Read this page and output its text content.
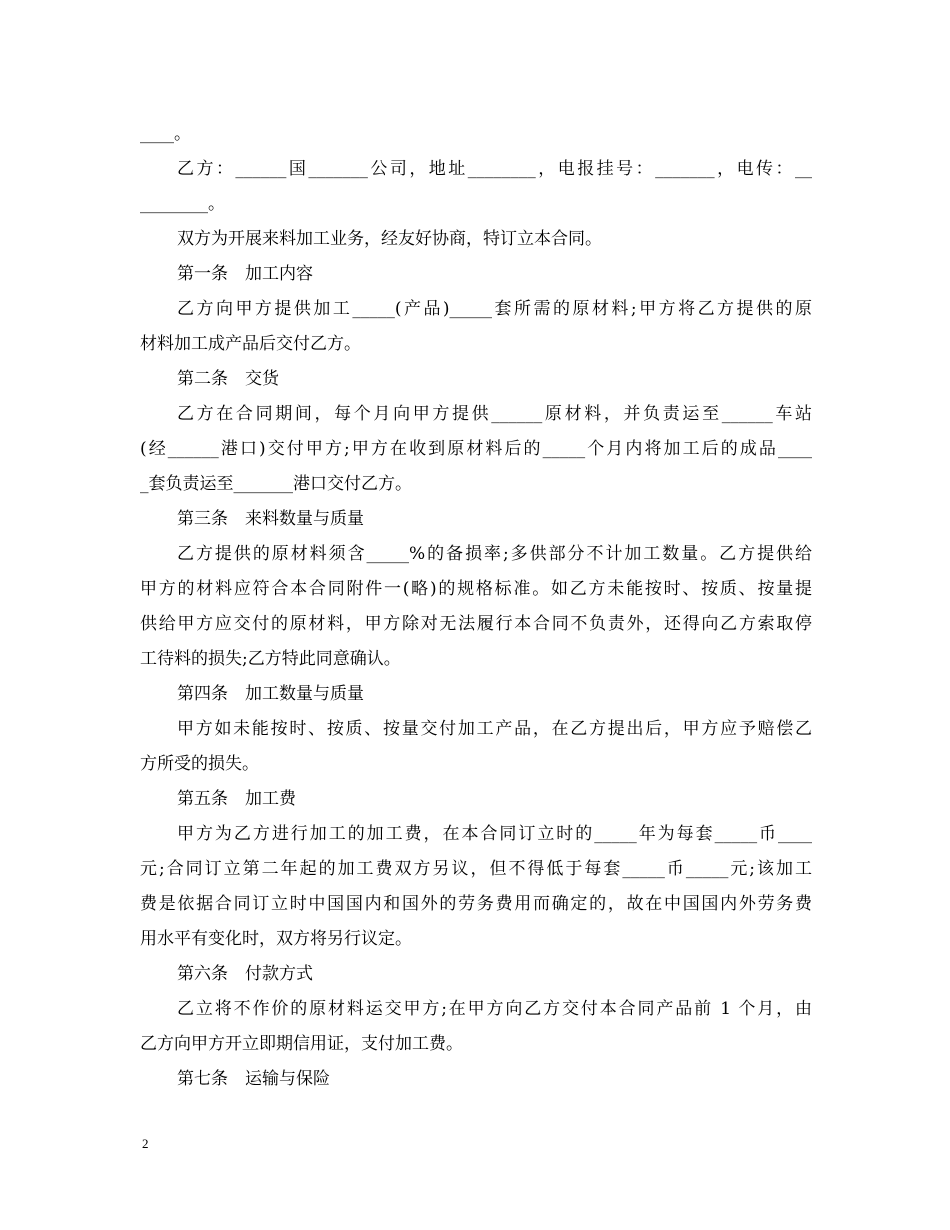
____。
乙方：______国_______公司，地址________，电报挂号：_______，电传：__
________。
双方为开展来料加工业务，经友好协商，特订立本合同。
第一条　加工内容
乙方向甲方提供加工_____(产品)_____套所需的原材料;甲方将乙方提供的原
材料加工成产品后交付乙方。
第二条　交货
乙方在合同期间，每个月向甲方提供______原材料，并负责运至______车站
(经______港口)交付甲方;甲方在收到原材料后的_____个月内将加工后的成品____
_套负责运至_______港口交付乙方。
第三条　来料数量与质量
乙方提供的原材料须含_____%的备损率;多供部分不计加工数量。乙方提供给
甲方的材料应符合本合同附件一(略)的规格标准。如乙方未能按时、按质、按量提
供给甲方应交付的原材料，甲方除对无法履行本合同不负责外，还得向乙方索取停
工待料的损失;乙方特此同意确认。
第四条　加工数量与质量
甲方如未能按时、按质、按量交付加工产品，在乙方提出后，甲方应予赔偿乙
方所受的损失。
第五条　加工费
甲方为乙方进行加工的加工费，在本合同订立时的_____年为每套_____币____
元;合同订立第二年起的加工费双方另议，但不得低于每套_____币_____元;该加工
费是依据合同订立时中国国内和国外的劳务费用而确定的，故在中国国内外劳务费
用水平有变化时，双方将另行议定。
第六条　付款方式
乙立将不作价的原材料运交甲方;在甲方向乙方交付本合同产品前 1 个月，由
乙方向甲方开立即期信用证，支付加工费。
第七条　运输与保险
2
